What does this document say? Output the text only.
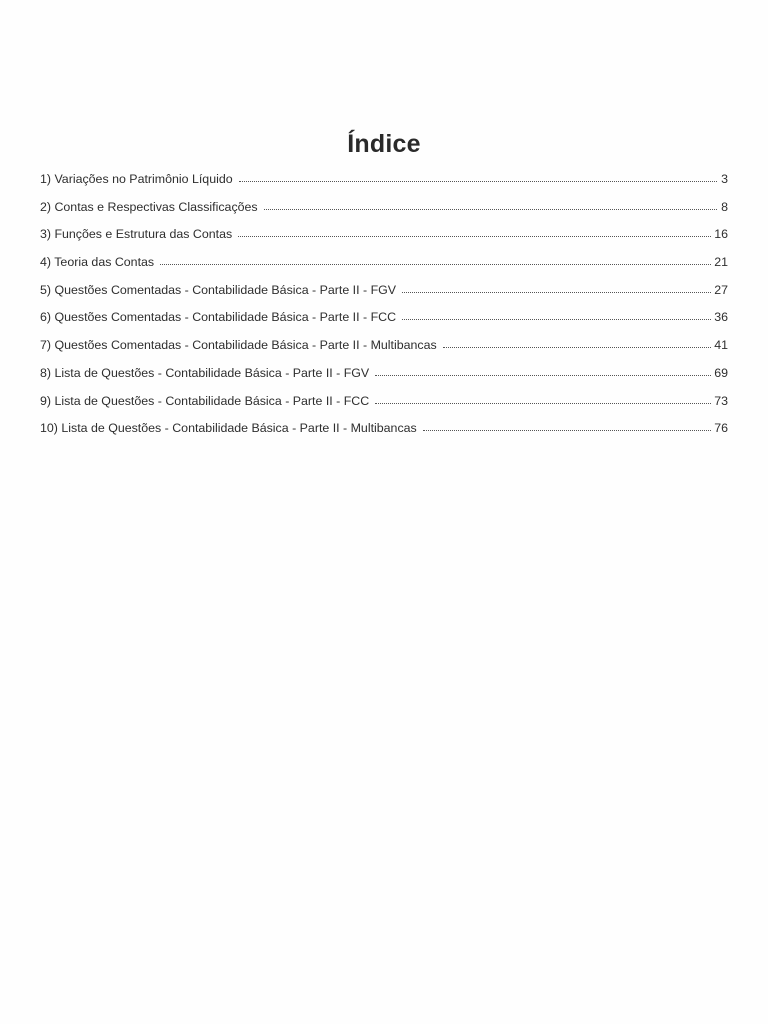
Índice
1) Variações no Patrimônio Líquido	3
2) Contas e Respectivas Classificações	8
3) Funções e Estrutura das Contas	16
4) Teoria das Contas	21
5) Questões Comentadas - Contabilidade Básica - Parte II - FGV	27
6) Questões Comentadas - Contabilidade Básica - Parte II - FCC	36
7) Questões Comentadas - Contabilidade Básica - Parte II - Multibancas	41
8) Lista de Questões - Contabilidade Básica - Parte II - FGV	69
9) Lista de Questões - Contabilidade Básica - Parte II - FCC	73
10) Lista de Questões - Contabilidade Básica - Parte II - Multibancas	76
